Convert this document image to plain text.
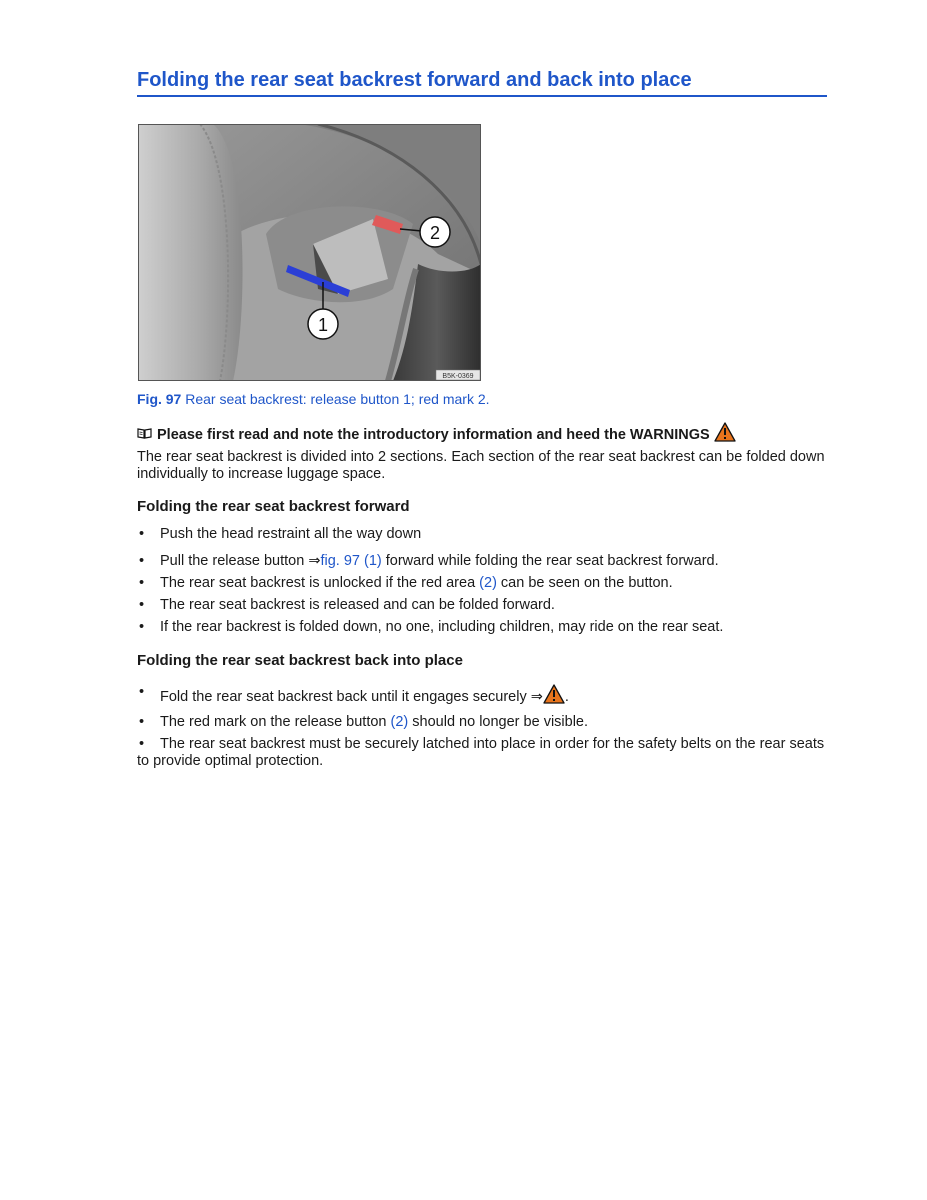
Folding the rear seat backrest forward and back into place
1
2
B5K-0369
Fig. 97 Rear seat backrest: release button 1; red mark 2.
Please first read and note the introductory information and heed the WARNINGS
The rear seat backrest is divided into 2 sections. Each section of the rear seat backrest can be folded down individually to increase luggage space.
Folding the rear seat backrest forward
• Push the head restraint all the way down
• Pull the release button ⇒fig. 97 (1) forward while folding the rear seat backrest forward.
• The rear seat backrest is unlocked if the red area (2) can be seen on the button.
• The rear seat backrest is released and can be folded forward.
• If the rear backrest is folded down, no one, including children, may ride on the rear seat.
Folding the rear seat backrest back into place
• Fold the rear seat backrest back until it engages securely ⇒ .
• The red mark on the release button (2) should no longer be visible.
• The rear seat backrest must be securely latched into place in order for the safety belts on the rear seats to provide optimal protection.
